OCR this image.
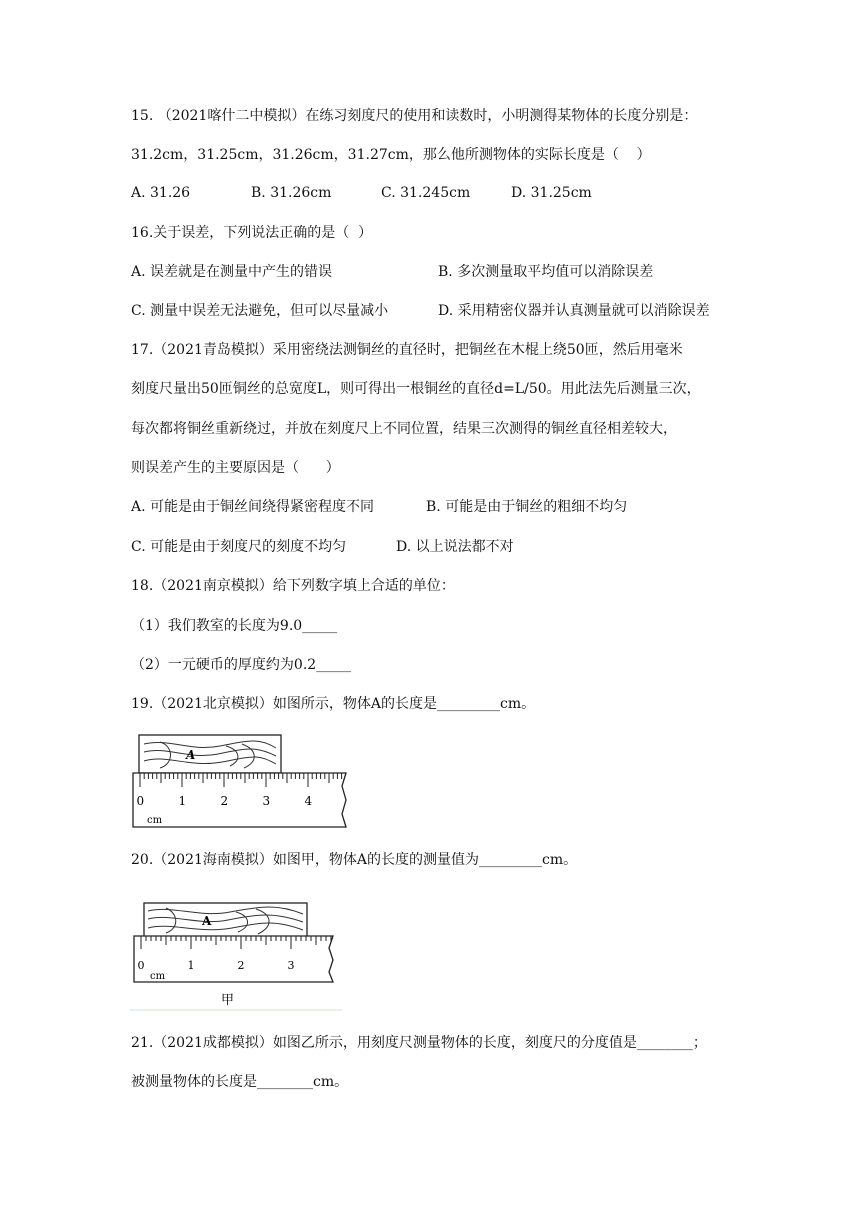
15. （2021喀什二中模拟）在练习刻度尺的使用和读数时，小明测得某物体的长度分别是：
31.2cm，31.25cm，31.26cm，31.27cm，那么他所测物体的实际长度是（    ）
A. 31.26	B. 31.26cm	C. 31.245cm	D. 31.25cm
16.关于误差，下列说法正确的是（  ）
A. 误差就是在测量中产生的错误	B. 多次测量取平均值可以消除误差
C. 测量中误差无法避免，但可以尽量减小	D. 采用精密仪器并认真测量就可以消除误差
17.（2021青岛模拟）采用密绕法测铜丝的直径时，把铜丝在木棍上绕50匝，然后用毫米
刻度尺量出50匝铜丝的总宽度L，则可得出一根铜丝的直径d=L/50。用此法先后测量三次，
每次都将铜丝重新绕过，并放在刻度尺上不同位置，结果三次测得的铜丝直径相差较大，
则误差产生的主要原因是（      ）
A. 可能是由于铜丝间绕得紧密程度不同	B. 可能是由于铜丝的粗细不均匀
C. 可能是由于刻度尺的刻度不均匀	D. 以上说法都不对
18.（2021南京模拟）给下列数字填上合适的单位：
（1）我们教室的长度为9.0_____
（2）一元硬币的厚度约为0.2_____
19.（2021北京模拟）如图所示，物体A的长度是_________cm。
A
0	1	2	3	4
cm
20.（2021海南模拟）如图甲，物体A的长度的测量值为_________cm。
A
0	1	2	3
cm
甲
21.（2021成都模拟）如图乙所示，用刻度尺测量物体的长度，刻度尺的分度值是________；
被测量物体的长度是________cm。
